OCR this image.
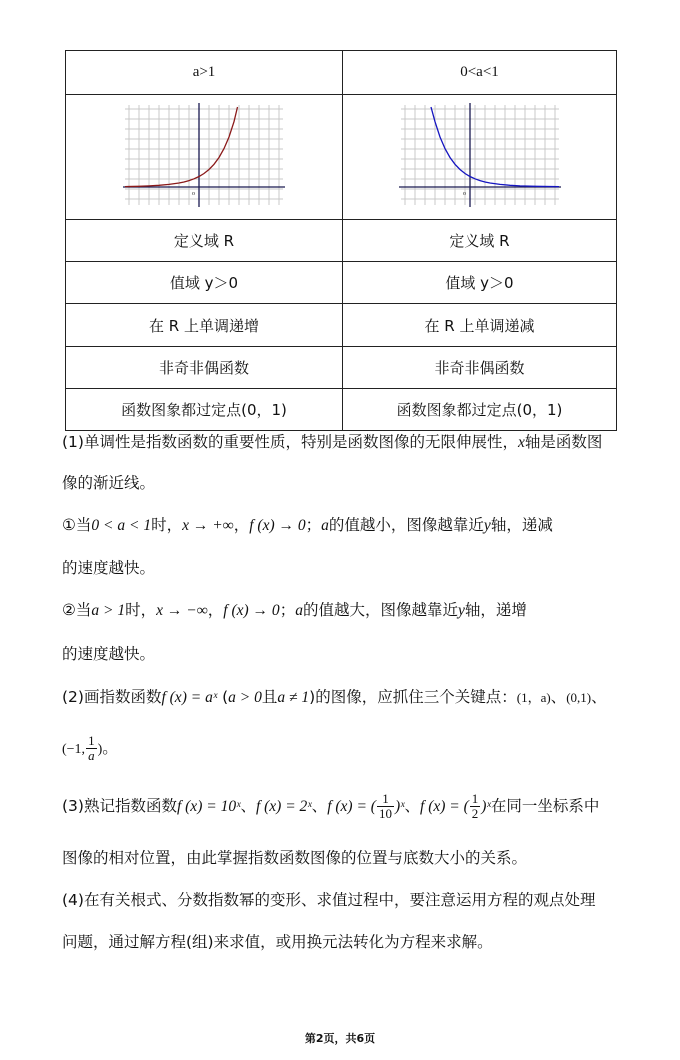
a>1	0<a<1

o	o

定义域 R	定义域 R
值域 y＞0	值域 y＞0
在 R 上单调递增	在 R 上单调递减
非奇非偶函数	非奇非偶函数
函数图象都过定点(0，1)	函数图象都过定点(0，1)
(1)单调性是指数函数的重要性质，特别是函数图像的无限伸展性，x轴是函数图
像的渐近线。
①当0 < a < 1时，x → +∞，f (x) → 0；a的值越小，图像越靠近y轴，递减
的速度越快。
②当a > 1时，x → −∞，f (x) → 0；a的值越大，图像越靠近y轴，递增
的速度越快。
(2)画指数函数f (x) = aˣ (a > 0且a ≠ 1)的图像，应抓住三个关键点：(1，a)、(0,1)、
(−1, $\frac{1}{a}$ )。
(3)熟记指数函数f (x) = 10ˣ、f (x) = 2ˣ、f (x) = ( $\frac{1}{10}$ )ˣ、f (x) = ( $\frac{1}{2}$ )ˣ在同一坐标系中
图像的相对位置，由此掌握指数函数图像的位置与底数大小的关系。
(4)在有关根式、分数指数幂的变形、求值过程中，要注意运用方程的观点处理
问题，通过解方程(组)来求值，或用换元法转化为方程来求解。
第2页，共6页
